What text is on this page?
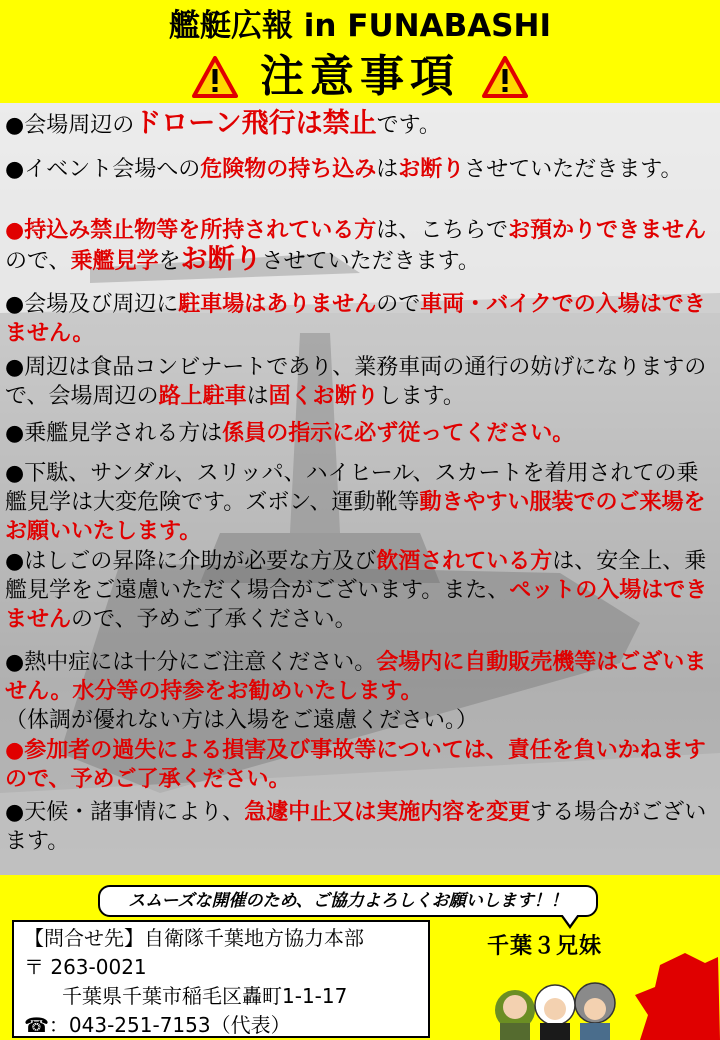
艦艇広報 in FUNABASHI
注意事項
●会場周辺のドローン飛行は禁止です。
●イベント会場への危険物の持ち込みはお断りさせていただきます。
●持込み禁止物等を所持されている方は、こちらでお預かりできませんので、乗艦見学をお断りさせていただきます。
●会場及び周辺に駐車場はありませんので車両・バイクでの入場はできません。
●周辺は食品コンビナートであり、業務車両の通行の妨げになりますので、会場周辺の路上駐車は固くお断りします。
●乗艦見学される方は係員の指示に必ず従ってください。
●下駄、サンダル、スリッパ、ハイヒール、スカートを着用されての乗艦見学は大変危険です。ズボン、運動靴等動きやすい服装でのご来場をお願いいたします。
●はしごの昇降に介助が必要な方及び飲酒されている方は、安全上、乗艦見学をご遠慮いただく場合がございます。また、ペットの入場はできませんので、予めご了承ください。
●熱中症には十分にご注意ください。会場内に自動販売機等はございません。水分等の持参をお勧めいたします。
（体調が優れない方は入場をご遠慮ください。）
●参加者の過失による損害及び事故等については、責任を負いかねますので、予めご了承ください。
●天候・諸事情により、急遽中止又は実施内容を変更する場合がございます。
スムーズな開催のため、ご協力よろしくお願いします！！
【問合せ先】自衛隊千葉地方協力本部
〒 263-0021
千葉県千葉市稲毛区轟町1-1-17
☎：043-251-7153（代表）
千葉３兄妹
